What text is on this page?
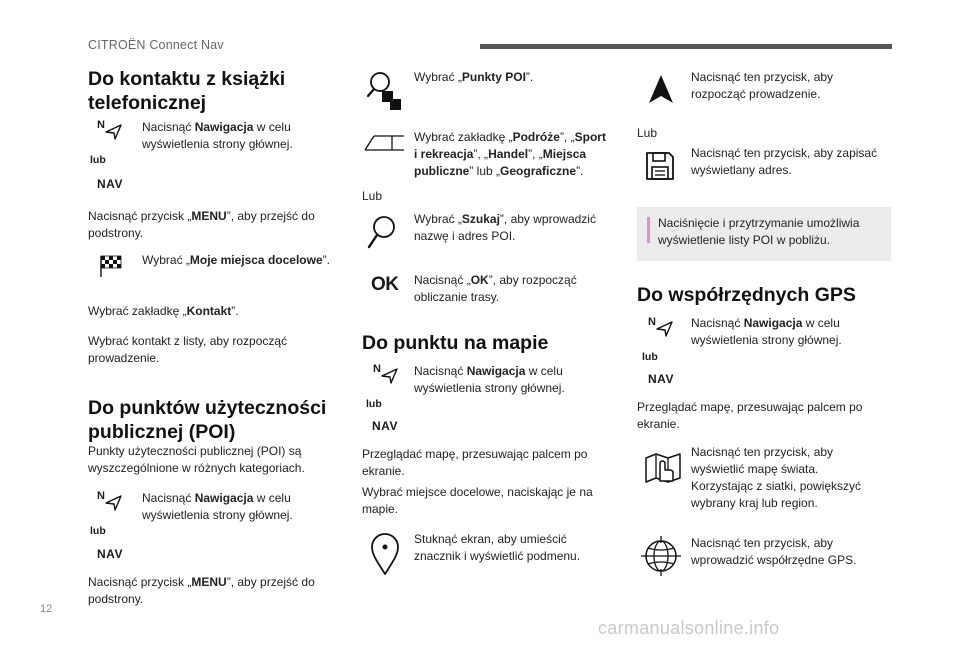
CITROËN Connect Nav
12
carmanualsonline.info
Do kontaktu z książki
telefonicznej
N
lub
NAV

Nacisnąć Nawigacja w celu
wyświetlenia strony głównej.

Nacisnąć przycisk „MENU”, aby przejść do
podstrony.

Wybrać „Moje miejsca docelowe”.

Wybrać zakładkę „Kontakt”.

Wybrać kontakt z listy, aby rozpocząć
prowadzenie.

Do punktów użyteczności
publicznej (POI)

Punkty użyteczności publicznej (POI) są
wyszczególnione w różnych kategoriach.

N
lub
NAV

Nacisnąć Nawigacja w celu
wyświetlenia strony głównej.

Nacisnąć przycisk „MENU”, aby przejść do
podstrony.

Wybrać „Punkty POI”.

Wybrać zakładkę „Podróże”, „Sport
i rekreacja”, „Handel”, „Miejsca
publiczne” lub „Geograficzne”.

Lub

Wybrać „Szukaj”, aby wprowadzić
nazwę i adres POI.

OK Nacisnąć „OK”, aby rozpocząć
obliczanie trasy.

Do punktu na mapie
N
lub
NAV

Nacisnąć Nawigacja w celu
wyświetlenia strony głównej.

Przeglądać mapę, przesuwając palcem po
ekranie.

Wybrać miejsce docelowe, naciskając je na
mapie.

Stuknąć ekran, aby umieścić
znacznik i wyświetlić podmenu.

Nacisnąć ten przycisk, aby
rozpocząć prowadzenie.

Lub

Nacisnąć ten przycisk, aby zapisać
wyświetlany adres.

Naciśnięcie i przytrzymanie umożliwia
wyświetlenie listy POI w pobliżu.

Do współrzędnych GPS
N
lub
NAV

Nacisnąć Nawigacja w celu
wyświetlenia strony głównej.

Przeglądać mapę, przesuwając palcem po
ekranie.

Nacisnąć ten przycisk, aby
wyświetlić mapę świata.
Korzystając z siatki, powiększyć
wybrany kraj lub region.

Nacisnąć ten przycisk, aby
wprowadzić współrzędne GPS.
